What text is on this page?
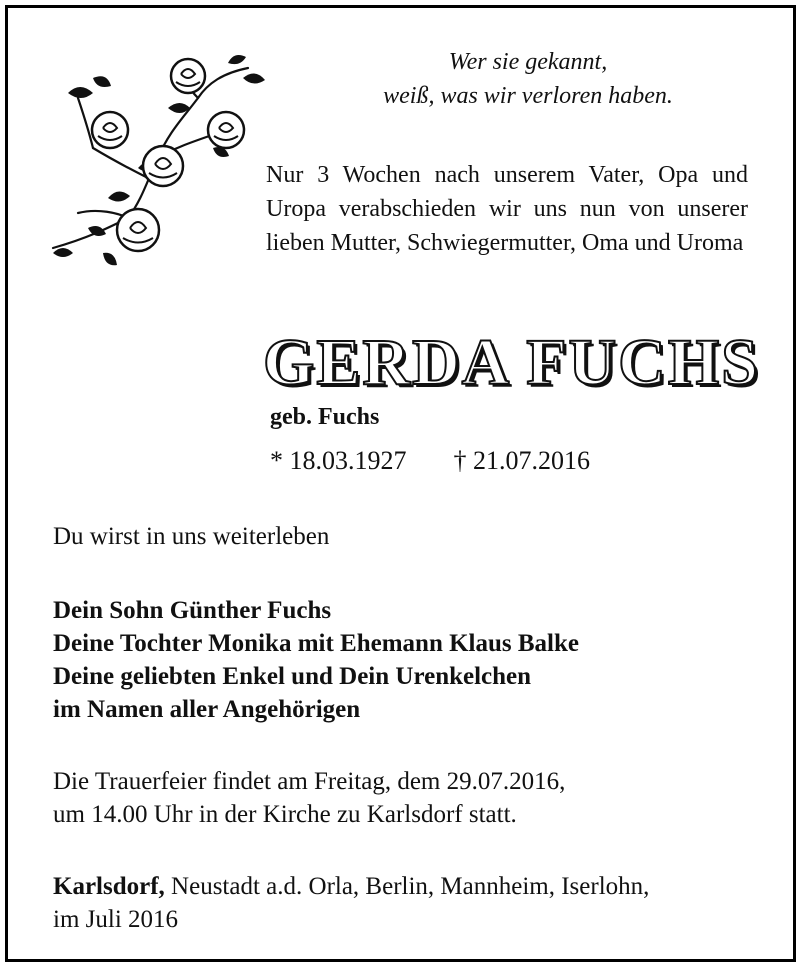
Wer sie gekannt,
weiß, was wir verloren haben.
Nur 3 Wochen nach unserem Vater, Opa und Uropa verabschieden wir uns nun von unserer lieben Mutter, Schwiegermutter, Oma und Uroma
GERDA FUCHS
geb. Fuchs
* 18.03.1927 † 21.07.2016
Du wirst in uns weiterleben
Dein Sohn Günther Fuchs
Deine Tochter Monika mit Ehemann Klaus Balke
Deine geliebten Enkel und Dein Urenkelchen
im Namen aller Angehörigen
Die Trauerfeier findet am Freitag, dem 29.07.2016,
um 14.00 Uhr in der Kirche zu Karlsdorf statt.
Karlsdorf, Neustadt a.d. Orla, Berlin, Mannheim, Iserlohn,
im Juli 2016
